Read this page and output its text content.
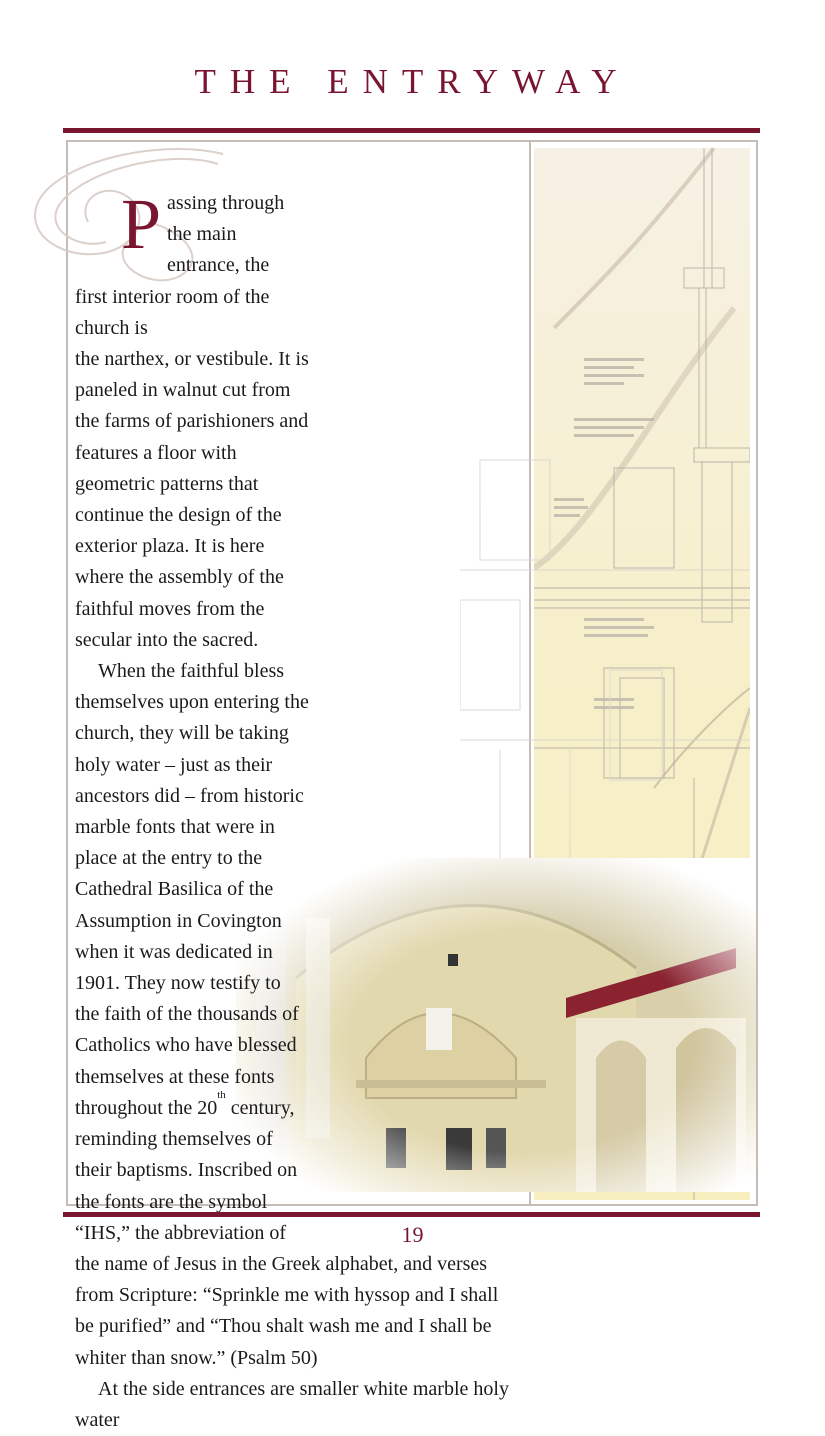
THE ENTRYWAY

Passing through the main entrance, the
first interior room of the church is
the narthex, or vestibule. It is paneled in walnut cut from the farms of parishioners and features a floor with geometric patterns that continue the design of the exterior plaza. It is here where the assembly of the faithful moves from the secular into the sacred.

When the faithful bless themselves upon entering the church, they will be taking holy water – just as their ancestors did – from historic marble fonts that were in place at the entry to the Cathedral Basilica of the Assumption in Covington when it was dedicated in 1901. They now testify to the faith of the thousands of Catholics who have blessed themselves at these fonts throughout the 20th century, reminding themselves of their baptisms. Inscribed on the fonts are the symbol “IHS,” the abbreviation of the name of Jesus in the Greek alphabet, and verses from Scripture: “Sprinkle me with hyssop and I shall be purified” and “Thou shalt wash me and I shall be whiter than snow.” (Psalm 50)

At the side entrances are smaller white marble holy water

19
